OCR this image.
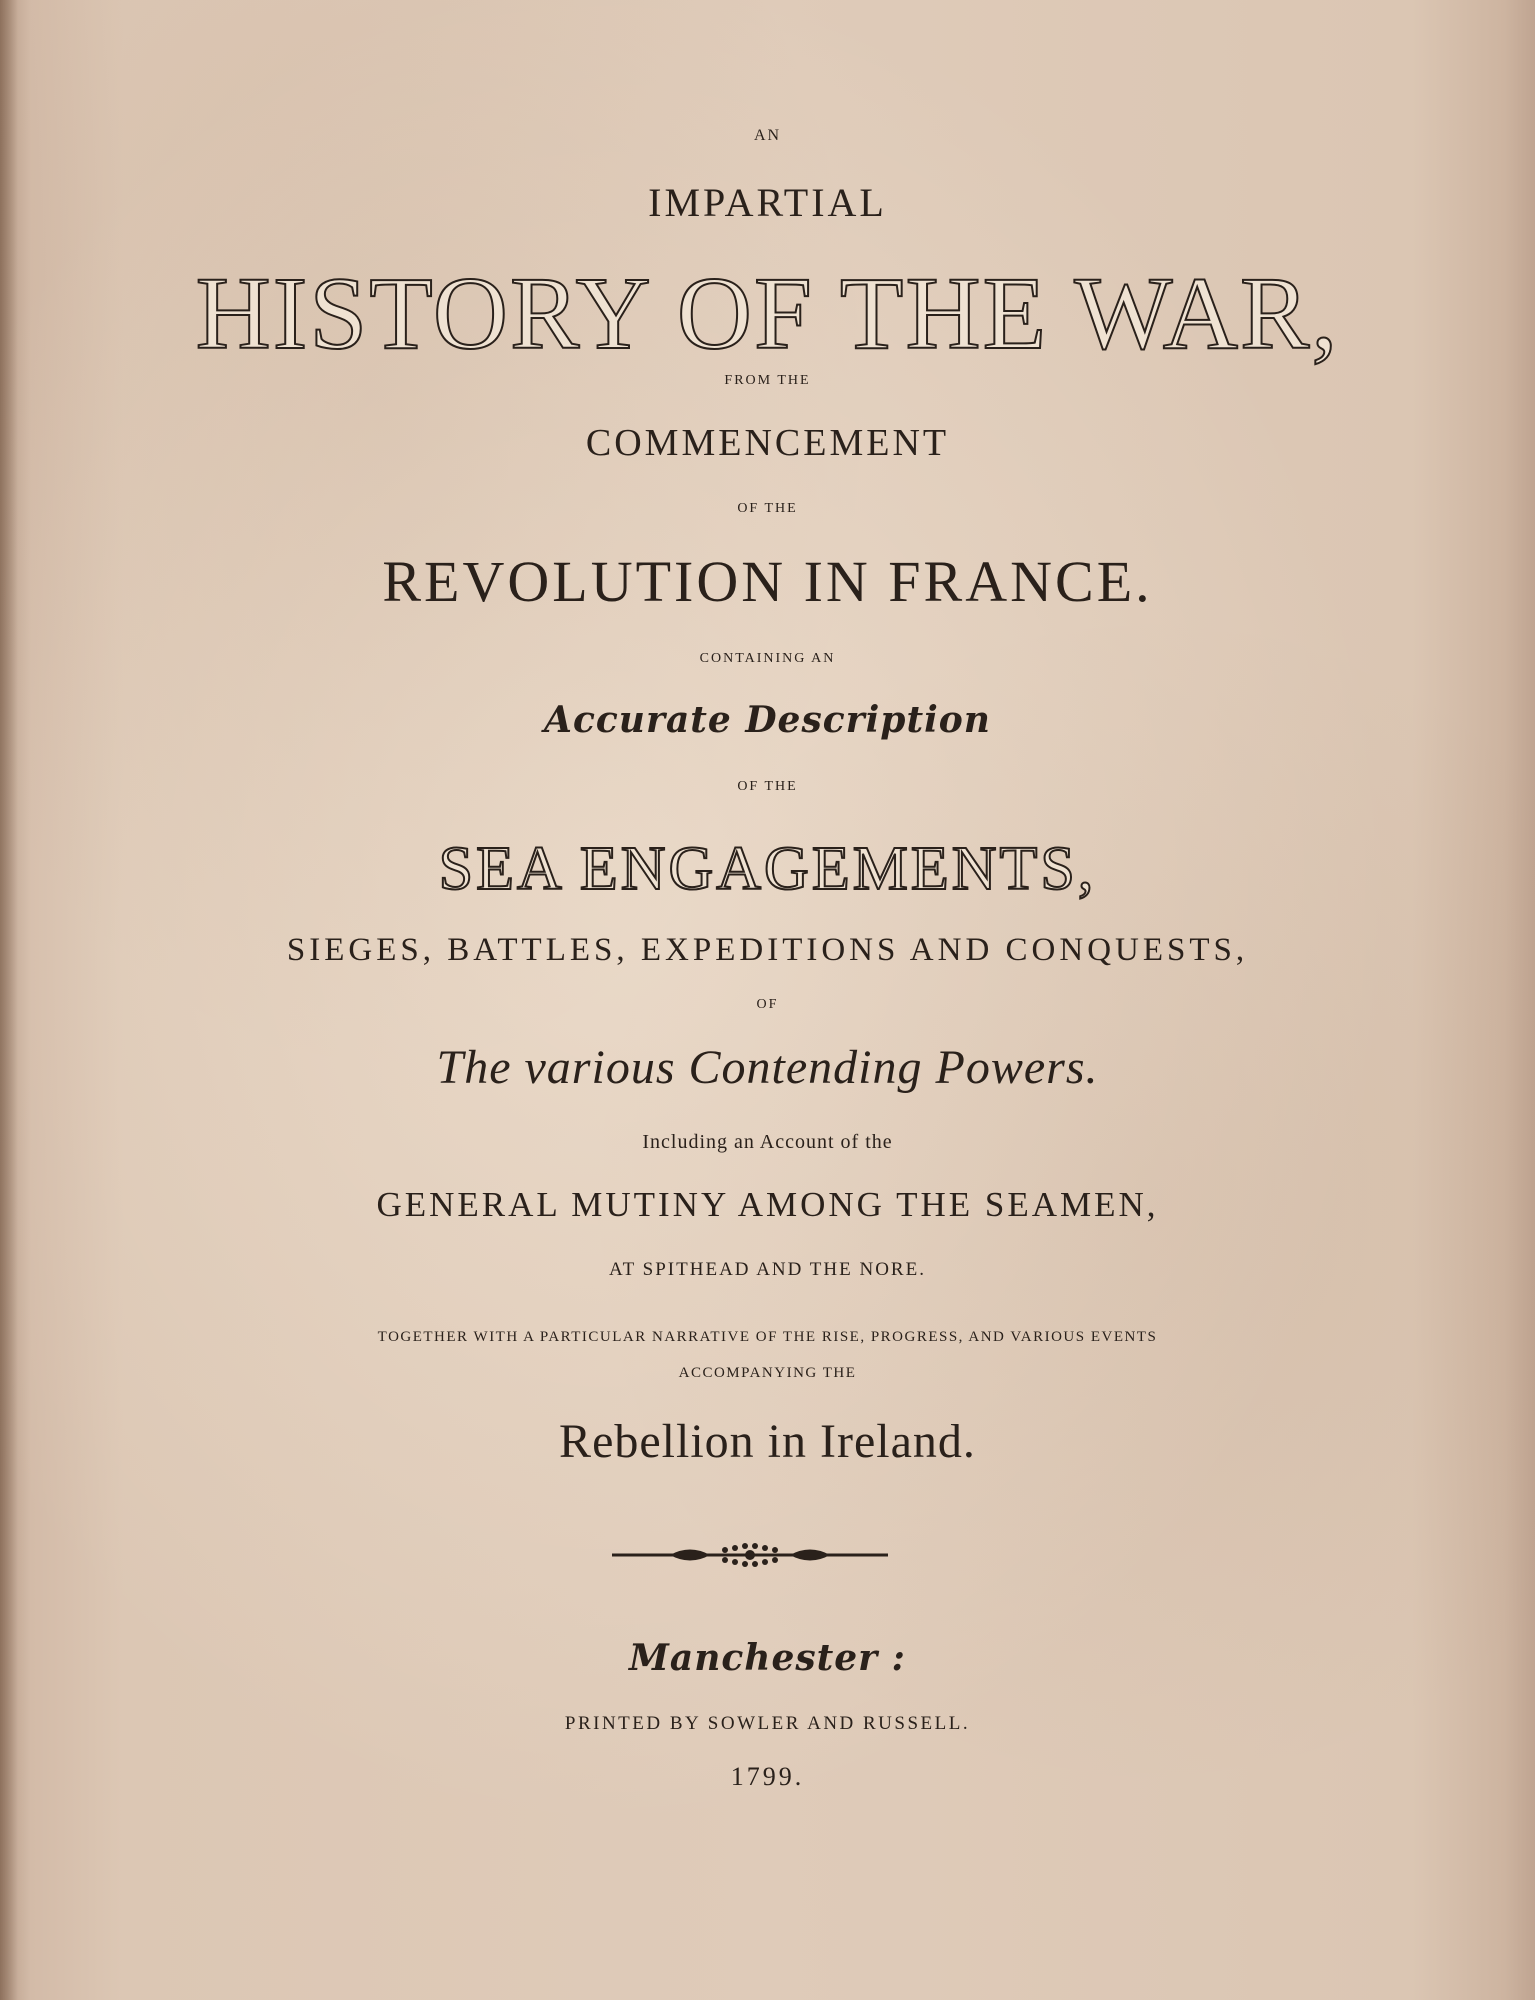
AN
IMPARTIAL
HISTORY OF THE WAR,
FROM THE
COMMENCEMENT
OF THE
REVOLUTION IN FRANCE.
CONTAINING AN
Accurate Description
OF THE
SEA ENGAGEMENTS,
SIEGES, BATTLES, EXPEDITIONS AND CONQUESTS,
OF
The various Contending Powers.
Including an Account of the
GENERAL MUTINY AMONG THE SEAMEN,
AT SPITHEAD AND THE NORE.
TOGETHER WITH A PARTICULAR NARRATIVE OF THE RISE, PROGRESS, AND VARIOUS EVENTS
ACCOMPANYING THE
Rebellion in Ireland.
Manchester :
PRINTED BY SOWLER AND RUSSELL.
1799.
